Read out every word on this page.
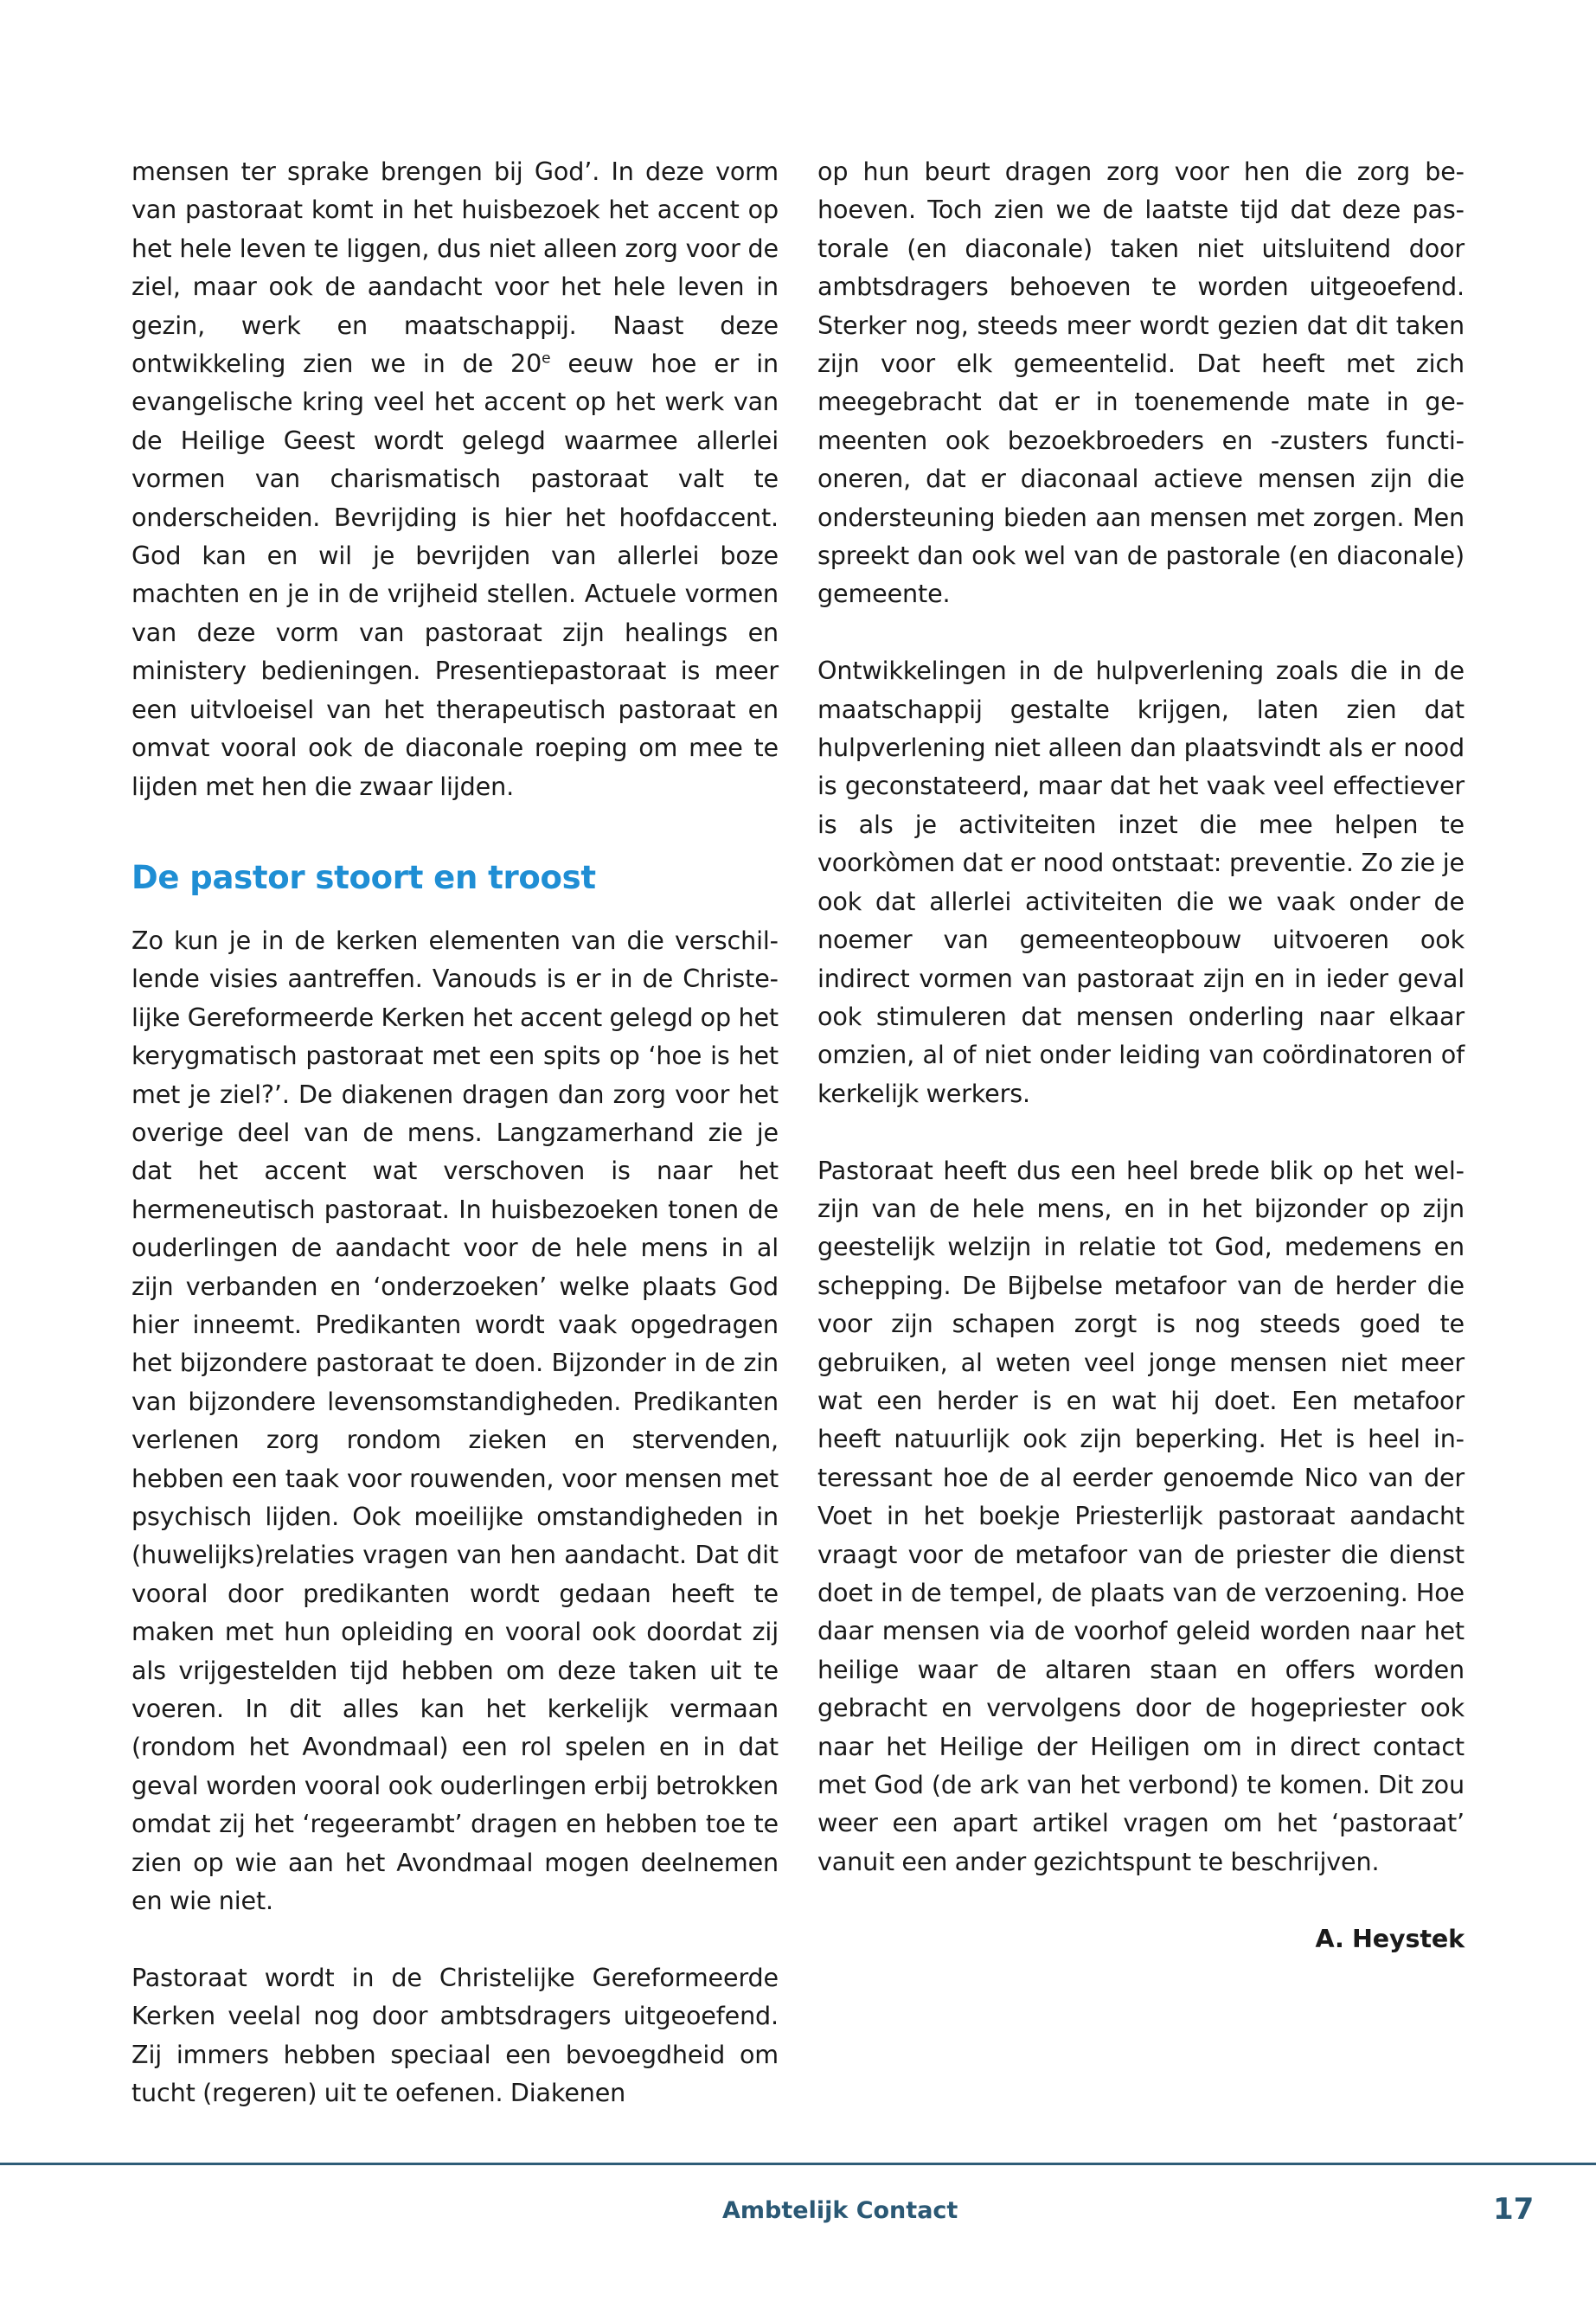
mensen ter sprake brengen bij God’. In deze vorm van pastoraat komt in het huisbezoek het accent op het hele leven te liggen, dus niet alleen zorg voor de ziel, maar ook de aandacht voor het hele leven in gezin, werk en maatschappij. Naast deze ontwikkeling zien we in de 20e eeuw hoe er in evangelische kring veel het accent op het werk van de Heilige Geest wordt gelegd waarmee allerlei vormen van charismatisch pastoraat valt te onderscheiden. Bevrijding is hier het hoofdaccent. God kan en wil je bevrijden van allerlei boze machten en je in de vrijheid stellen. Actuele vormen van deze vorm van pastoraat zijn healings en ministery bedieningen. Presentiepastoraat is meer een uitvloeisel van het therapeutisch pastoraat en omvat vooral ook de diaconale roeping om mee te lijden met hen die zwaar lijden.

De pastor stoort en troost

Zo kun je in de kerken elementen van die verschillende visies aantreffen. Vanouds is er in de Christelijke Gereformeerde Kerken het accent gelegd op het kerygmatisch pastoraat met een spits op ‘hoe is het met je ziel?’. De diakenen dragen dan zorg voor het overige deel van de mens. Langzamerhand zie je dat het accent wat verschoven is naar het hermeneutisch pastoraat. In huisbezoeken tonen de ouderlingen de aandacht voor de hele mens in al zijn verbanden en ‘onderzoeken’ welke plaats God hier inneemt. Predikanten wordt vaak opgedragen het bijzondere pastoraat te doen. Bijzonder in de zin van bijzondere levensomstandigheden. Predikanten verlenen zorg rondom zieken en stervenden, hebben een taak voor rouwenden, voor mensen met psychisch lijden. Ook moeilijke omstandigheden in (huwelijks)relaties vragen van hen aandacht. Dat dit vooral door predikanten wordt gedaan heeft te maken met hun opleiding en vooral ook doordat zij als vrijgestelden tijd hebben om deze taken uit te voeren. In dit alles kan het kerkelijk vermaan (rondom het Avondmaal) een rol spelen en in dat geval worden vooral ook ouderlingen erbij betrokken omdat zij het ‘regeerambt’ dragen en hebben toe te zien op wie aan het Avondmaal mogen deelnemen en wie niet.

Pastoraat wordt in de Christelijke Gereformeerde Kerken veelal nog door ambtsdragers uitgeoefend. Zij immers hebben speciaal een bevoegdheid om tucht (regeren) uit te oefenen. Diakenen

op hun beurt dragen zorg voor hen die zorg behoeven. Toch zien we de laatste tijd dat deze pastorale (en diaconale) taken niet uitsluitend door ambtsdragers behoeven te worden uitgeoefend. Sterker nog, steeds meer wordt gezien dat dit taken zijn voor elk gemeentelid. Dat heeft met zich meegebracht dat er in toenemende mate in gemeenten ook bezoekbroeders en -zusters functioneren, dat er diaconaal actieve mensen zijn die ondersteuning bieden aan mensen met zorgen. Men spreekt dan ook wel van de pastorale (en diaconale) gemeente.

Ontwikkelingen in de hulpverlening zoals die in de maatschappij gestalte krijgen, laten zien dat hulpverlening niet alleen dan plaatsvindt als er nood is geconstateerd, maar dat het vaak veel effectiever is als je activiteiten inzet die mee helpen te voorkòmen dat er nood ontstaat: preventie. Zo zie je ook dat allerlei activiteiten die we vaak onder de noemer van gemeenteopbouw uitvoeren ook indirect vormen van pastoraat zijn en in ieder geval ook stimuleren dat mensen onderling naar elkaar omzien, al of niet onder leiding van coördinatoren of kerkelijk werkers.

Pastoraat heeft dus een heel brede blik op het welzijn van de hele mens, en in het bijzonder op zijn geestelijk welzijn in relatie tot God, medemens en schepping. De Bijbelse metafoor van de herder die voor zijn schapen zorgt is nog steeds goed te gebruiken, al weten veel jonge mensen niet meer wat een herder is en wat hij doet. Een metafoor heeft natuurlijk ook zijn beperking. Het is heel interessant hoe de al eerder genoemde Nico van der Voet in het boekje Priesterlijk pastoraat aandacht vraagt voor de metafoor van de priester die dienst doet in de tempel, de plaats van de verzoening. Hoe daar mensen via de voorhof geleid worden naar het heilige waar de altaren staan en offers worden gebracht en vervolgens door de hogepriester ook naar het Heilige der Heiligen om in direct contact met God (de ark van het verbond) te komen. Dit zou weer een apart artikel vragen om het ‘pastoraat’ vanuit een ander gezichtspunt te beschrijven.

A. Heystek

Ambtelijk Contact	17
